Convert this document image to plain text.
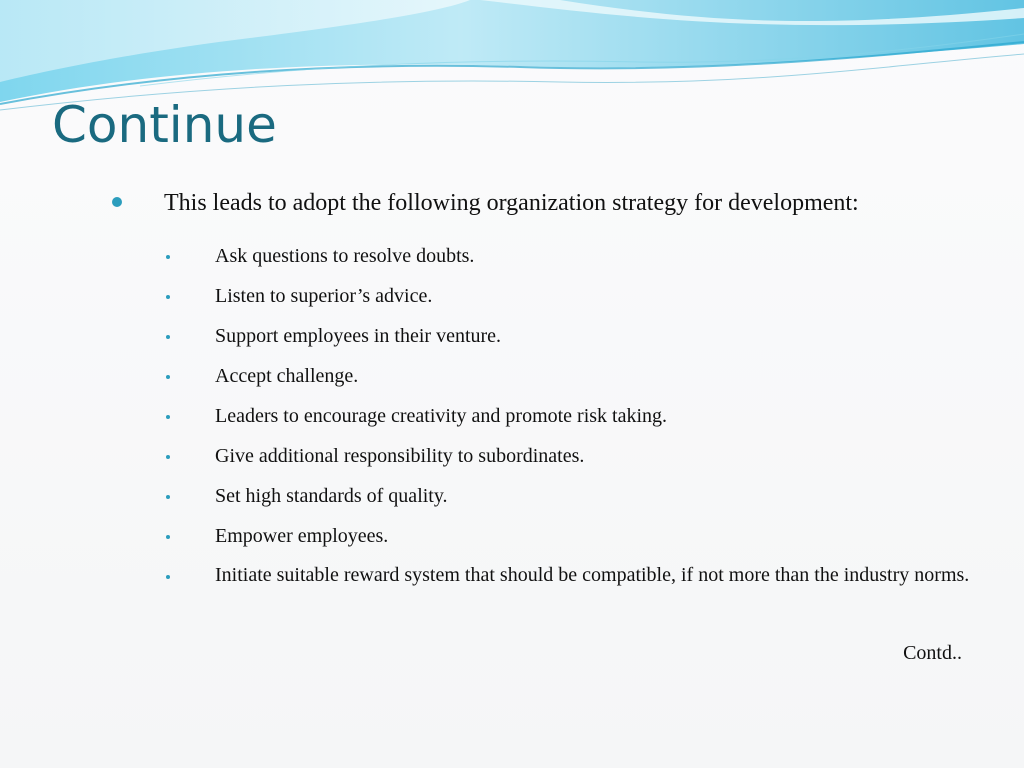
Continue
This leads to adopt the following organization strategy for development:
Ask questions to resolve doubts.
Listen to superior’s advice.
Support employees in their venture.
Accept challenge.
Leaders to encourage creativity and promote risk taking.
Give additional responsibility to subordinates.
Set high standards of quality.
Empower employees.
Initiate suitable reward system that should be compatible, if not more than the industry norms.
Contd..
